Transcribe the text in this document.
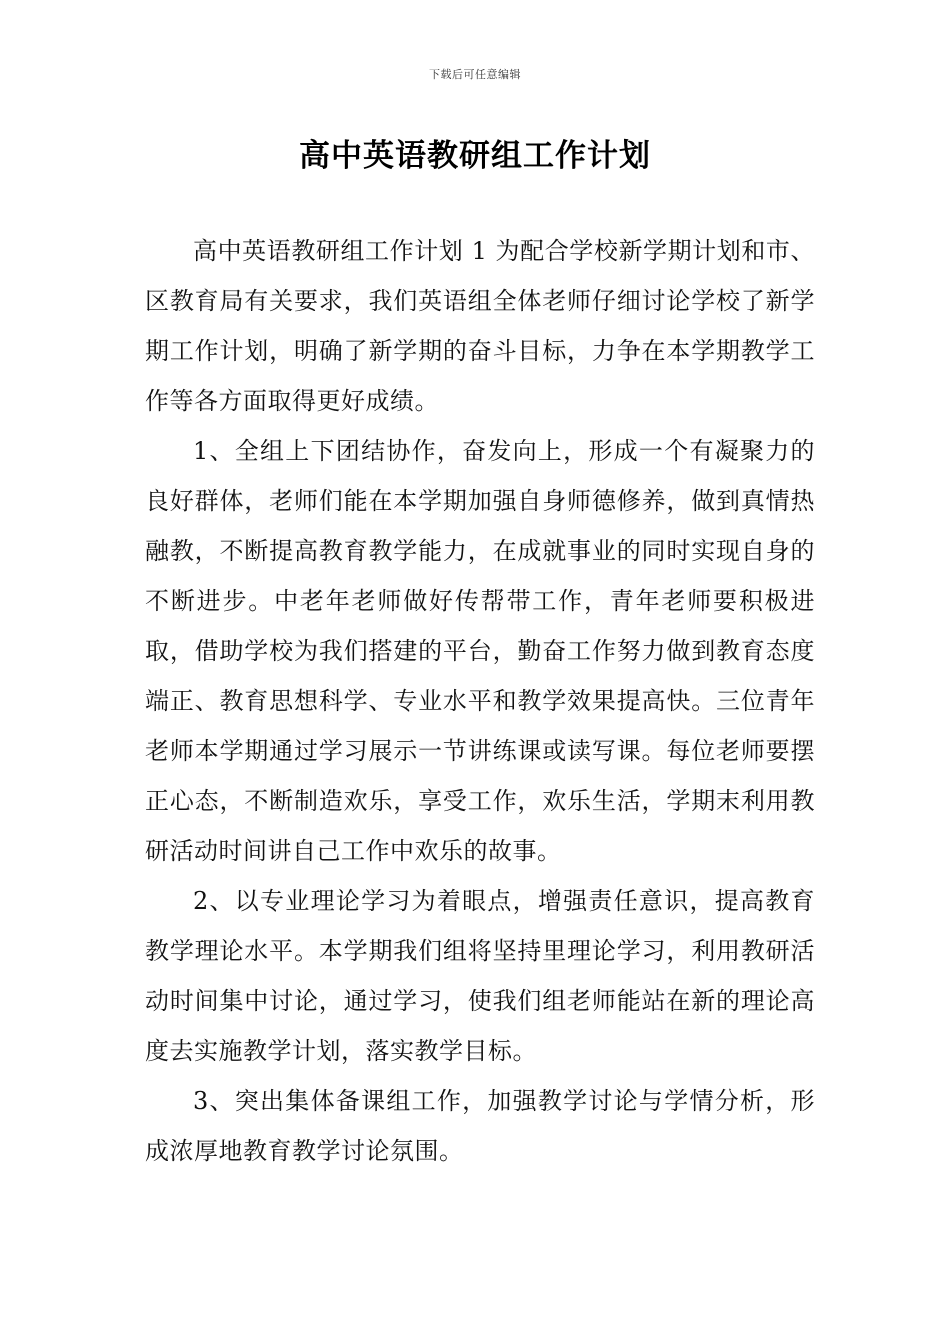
下载后可任意编辑
高中英语教研组工作计划

高中英语教研组工作计划 1 为配合学校新学期计划和市、区教育局有关要求，我们英语组全体老师仔细讨论学校了新学期工作计划，明确了新学期的奋斗目标，力争在本学期教学工作等各方面取得更好成绩。

1、全组上下团结协作，奋发向上，形成一个有凝聚力的良好群体，老师们能在本学期加强自身师德修养，做到真情热融教，不断提高教育教学能力，在成就事业的同时实现自身的不断进步。中老年老师做好传帮带工作，青年老师要积极进取，借助学校为我们搭建的平台，勤奋工作努力做到教育态度端正、教育思想科学、专业水平和教学效果提高快。三位青年老师本学期通过学习展示一节讲练课或读写课。每位老师要摆正心态，不断制造欢乐，享受工作，欢乐生活，学期末利用教研活动时间讲自己工作中欢乐的故事。

2、以专业理论学习为着眼点，增强责任意识，提高教育教学理论水平。本学期我们组将坚持里理论学习，利用教研活动时间集中讨论，通过学习，使我们组老师能站在新的理论高度去实施教学计划，落实教学目标。

3、突出集体备课组工作，加强教学讨论与学情分析，形成浓厚地教育教学讨论氛围。
